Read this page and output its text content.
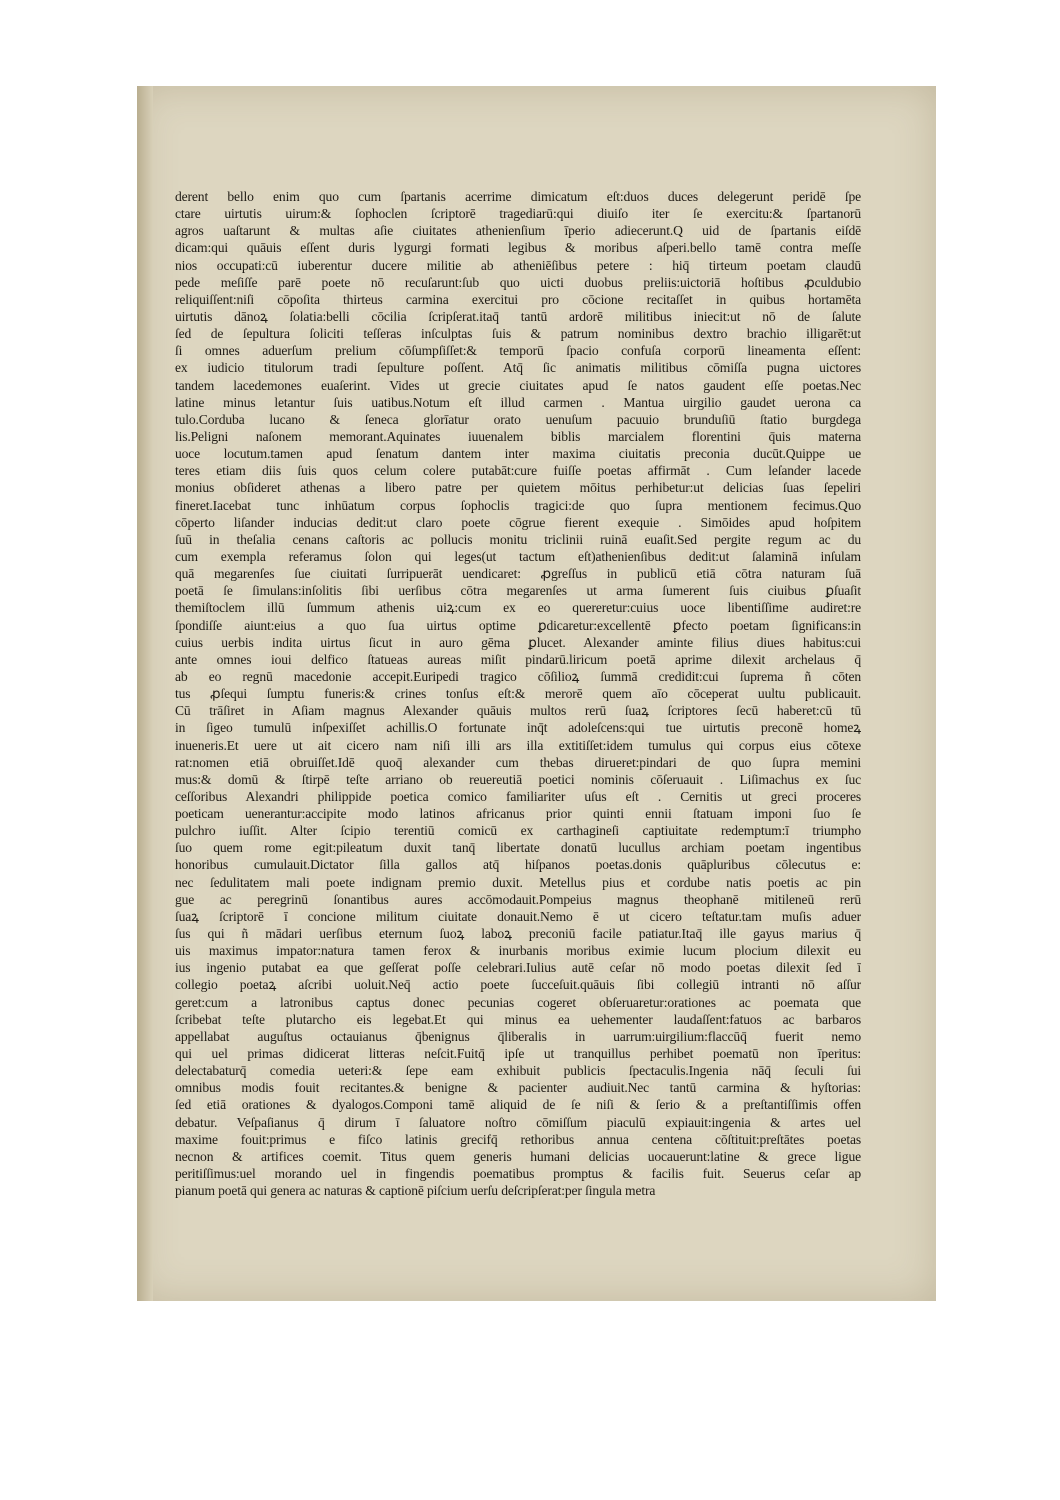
derent bello enim quo cum ſpartanis acerrime dimicatum eſt:duos duces delegerunt peridē ſpe
ctare uirtutis uirum:& ſophoclen ſcriptorē tragediarū:qui diuiſo iter ſe exercitu:& ſpartanorū
agros uaſtarunt & multas aſie ciuitates athenienſium īperio adiecerunt.Q uid de ſpartanis eiſdē
dicam:qui quāuis eſſent duris lygurgi formati legibus & moribus aſperi.bello tamē contra meſſe
nios occupati:cū iuberentur ducere militie ab atheniēſibus petere : hiq̄ tirteum poetam claudū
pede meſiſſe parē poete nō recuſarunt:ſub quo uicti duobus preliis:uictoriā hoſtibus ꝓculdubio
reliquiſſent:niſi cōpoſita thirteus carmina exercitui pro cōcione recitaſſet in quibus hortamēta
uirtutis dānoꝝ ſolatia:belli cōcilia ſcripſerat.itaq̄ tantū ardorē militibus iniecit:ut nō de ſalute
ſed de ſepultura ſoliciti teſſeras inſculptas ſuis & patrum nominibus dextro brachio illigarēt:ut
ſi omnes aduerſum prelium cōſumpſiſſet:& temporū ſpacio confuſa corporū lineamenta eſſent:
ex iudicio titulorum tradi ſepulture poſſent. Atq̄ ſic animatis militibus cōmiſſa pugna uictores
tandem lacedemones euaſerint. Vides ut grecie ciuitates apud ſe natos gaudent eſſe poetas.Nec
latine minus letantur ſuis uatibus.Notum eſt illud carmen . Mantua uirgilio gaudet uerona ca
tulo.Corduba lucano & ſeneca glorīatur orato uenuſum pacuuio brunduſiū ſtatio burgdega
lis.Peligni naſonem memorant.Aquinates iuuenalem biblis marcialem florentini q̄uis materna
uoce locutum.tamen apud ſenatum dantem inter maxima ciuitatis preconia ducūt.Quippe ue
teres etiam diis ſuis quos celum colere putabāt:cure fuiſſe poetas affirmāt . Cum leſander lacede
monius obſideret athenas a libero patre per quietem mōitus perhibetur:ut delicias ſuas ſepeliri
fineret.Iacebat tunc inhūatum corpus ſophoclis tragici:de quo ſupra mentionem fecimus.Quo
cōperto liſander inducias dedit:ut claro poete cōgrue fierent exequie . Simōides apud hoſpitem
ſuū in theſalia cenans caſtoris ac pollucis monitu triclinii ruinā euaſit.Sed pergite regum ac du
cum exempla referamus ſolon qui leges(ut tactum eſt)athenienſibus dedit:ut ſalaminā inſulam
quā megarenſes ſue ciuitati ſurripuerāt uendicaret: ꝓgreſſus in publicū etiā cōtra naturam ſuā
poetā ſe ſimulans:inſolitis ſibi uerſibus cōtra megarenſes ut arma ſumerent ſuis ciuibus ꝑſuaſit
themiſtoclem illū ſummum athenis uiꝝ:cum ex eo quereretur:cuius uoce libentiſſime audiret:re
ſpondiſſe aiunt:eius a quo ſua uirtus optime ꝑdicaretur:excellentē ꝑfecto poetam ſignificans:in
cuius uerbis indita uirtus ſicut in auro gēma ꝑlucet. Alexander aminte filius diues habitus:cui
ante omnes ioui delfico ſtatueas aureas miſit pindarū.liricum poetā aprime dilexit archelaus q̄
ab eo regnū macedonie accepit.Euripedi tragico cōſilioꝝ ſummā credidit:cui ſuprema ñ cōten
tus ꝓſequi ſumptu funeris:& crines tonſus eſt:& merorē quem aīo cōceperat uultu publicauit.
Cū trāſiret in Aſiam magnus Alexander quāuis multos rerū ſuaꝝ ſcriptores ſecū haberet:cū tū
in ſigeo tumulū inſpexiſſet achillis.O fortunate inq̄t adoleſcens:qui tue uirtutis preconē homeꝝ
inueneris.Et uere ut ait cicero nam niſi illi ars illa extitiſſet:idem tumulus qui corpus eius cōtexe
rat:nomen etiā obruiſſet.Idē quoq̄ alexander cum thebas dirueret:pindari de quo ſupra memini
mus:& domū & ſtirpē teſte arriano ob reuereutiā poetici nominis cōſeruauit . Liſimachus ex ſuc
ceſſoribus Alexandri philippide poetica comico familiariter uſus eſt . Cernitis ut greci proceres
poeticam uenerantur:accipite modo latinos africanus prior quinti ennii ſtatuam imponi ſuo ſe
pulchro iuſſit. Alter ſcipio terentiū comicū ex carthagineſi captiuitate redemptum:ī triumpho
ſuo quem rome egit:pileatum duxit tanq̄ libertate donatū lucullus archiam poetam ingentibus
honoribus cumulauit.Dictator ſilla gallos atq̄ hiſpanos poetas.donis quāpluribus cōlecutus e:
nec ſedulitatem mali poete indignam premio duxit. Metellus pius et cordube natis poetis ac pin
gue ac peregrinū ſonantibus aures accōmodauit.Pompeius magnus theophanē mitileneū rerū
ſuaꝝ ſcriptorē ī concione militum ciuitate donauit.Nemo ē ut cicero teſtatur.tam muſis aduer
ſus qui ñ mādari uerſibus eternum ſuoꝝ laboꝝ preconiū facile patiatur.Itaq̄ ille gayus marius q̄
uis maximus impator:natura tamen ferox & inurbanis moribus eximie lucum plocium dilexit eu
ius ingenio putabat ea que geſſerat poſſe celebrari.Iulius autē ceſar nō modo poetas dilexit ſed ī
collegio poetaꝝ aſcribi uoluit.Neq̄ actio poete ſucceſuit.quāuis ſibi collegiū intranti nō aſſur
geret:cum a latronibus captus donec pecunias cogeret obſeruaretur:orationes ac poemata que
ſcribebat teſte plutarcho eis legebat.Et qui minus ea uehementer laudaſſent:fatuos ac barbaros
appellabat auguſtus octauianus q̄benignus q̄liberalis in uarrum:uirgilium:flaccūq̄ fuerit nemo
qui uel primas didicerat litteras neſcit.Fuitq̄ ipſe ut tranquillus perhibet poematū non īperitus:
delectabaturq̄ comedia ueteri:& ſepe eam exhibuit publicis ſpectaculis.Ingenia nāq̄ ſeculi ſui
omnibus modis fouit recitantes.& benigne & pacienter audiuit.Nec tantū carmina & hyſtorias:
ſed etiā orationes & dyalogos.Componi tamē aliquid de ſe niſi & ſerio & a preſtantiſſimis offen
debatur. Veſpaſianus q̄ dirum ī ſaluatore noſtro cōmiſſum piaculū expiauit:ingenia & artes uel
maxime fouit:primus e fiſco latinis grecifq̄ rethoribus annua centena cōſtituit:preſtātes poetas
necnon & artifices coemit. Titus quem generis humani delicias uocauerunt:latine & grece ligue
peritiſſimus:uel morando uel in fingendis poematibus promptus & facilis fuit. Seuerus ceſar ap
pianum poetā qui genera ac naturas & captionē piſcium uerſu deſcripſerat:per ſingula metra
